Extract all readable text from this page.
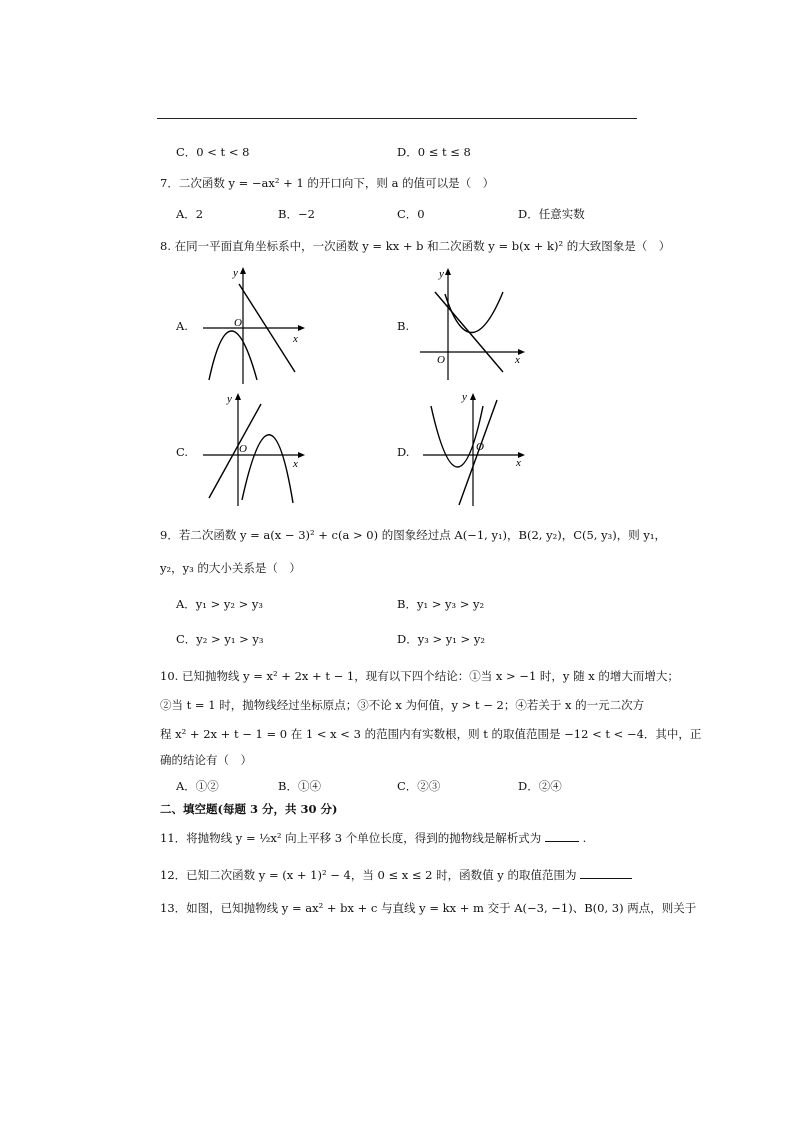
C．0 < t < 8	D．0 ≤ t ≤ 8
7．二次函数 y = −ax² + 1 的开口向下，则 a 的值可以是（　）
A．2	B．−2	C．0	D．任意实数
8. 在同一平面直角坐标系中，一次函数 y = kx + b 和二次函数 y = b(x + k)² 的大致图象是（　）
A.	B.
C.	D.
y
x
O
y
x
O
y
x
O
y
x
O
9．若二次函数 y = a(x − 3)² + c(a > 0) 的图象经过点 A(−1, y₁)，B(2, y₂)，C(5, y₃)，则 y₁，
y₂，y₃ 的大小关系是（　）
A．y₁ > y₂ > y₃	B．y₁ > y₃ > y₂
C．y₂ > y₁ > y₃	D．y₃ > y₁ > y₂
10. 已知抛物线 y = x² + 2x + t − 1，现有以下四个结论：①当 x > −1 时，y 随 x 的增大而增大；
②当 t = 1 时，抛物线经过坐标原点；③不论 x 为何值，y > t − 2；④若关于 x 的一元二次方
程 x² + 2x + t − 1 = 0 在 1 < x < 3 的范围内有实数根，则 t 的取值范围是 −12 < t < −4．其中，正
确的结论有（　）
A．①②	B．①④	C．②③	D．②④
二、填空题(每题 3 分，共 30 分)
11．将抛物线 y = ½x² 向上平移 3 个单位长度，得到的抛物线是解析式为	.
12．已知二次函数 y = (x + 1)² − 4，当 0 ≤ x ≤ 2 时，函数值 y 的取值范围为
13．如图，已知抛物线 y = ax² + bx + c 与直线 y = kx + m 交于 A(−3, −1)、B(0, 3) 两点，则关于
